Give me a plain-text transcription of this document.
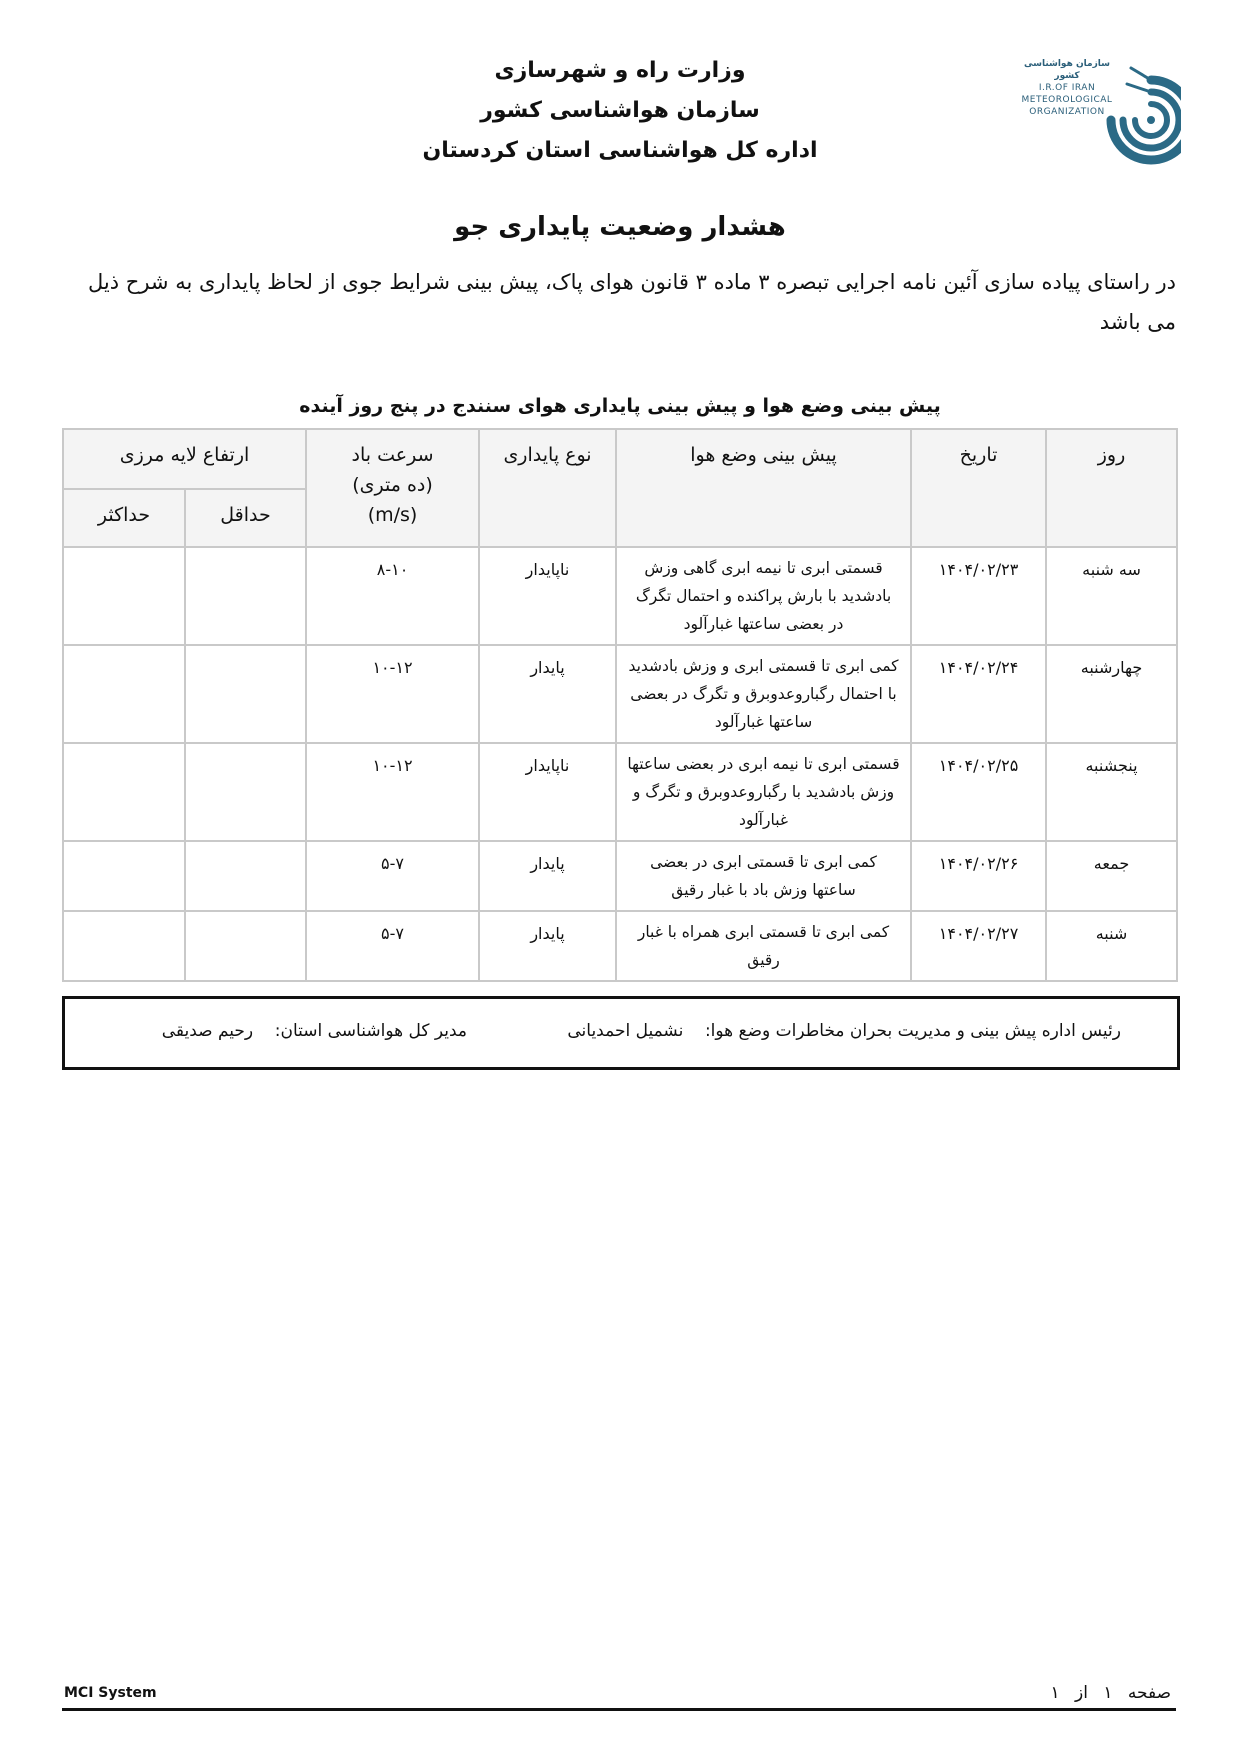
سازمان هواشناسی کشور
I.R.OF IRAN
METEOROLOGICAL
ORGANIZATION
وزارت راه و شهرسازی
سازمان هواشناسی کشور
اداره کل هواشناسی استان کردستان
هشدار وضعیت پایداری جو
در راستای پیاده سازی آئین نامه اجرایی تبصره ۳ ماده ۳ قانون هوای پاک، پیش بینی شرایط جوی از لحاظ پایداری به شرح ذیل می باشد
پیش بینی وضع هوا و پیش بینی پایداری هوای سنندج در پنج روز آینده
روز	تاریخ	پیش بینی وضع هوا	نوع پایداری	سرعت باد
(ده متری)
(m/s)	ارتفاع لایه مرزی	
					حداقل	حداکثر
سه شنبه	۱۴۰۴/۰۲/۲۳	قسمتی ابری تا نیمه ابری گاهی وزش بادشدید با بارش پراکنده و احتمال تگرگ در بعضی ساعتها غبارآلود	ناپایدار	۸-۱۰		
چهارشنبه	۱۴۰۴/۰۲/۲۴	کمی ابری تا قسمتی ابری و وزش بادشدید با احتمال رگباروعدوبرق و تگرگ در بعضی ساعتها غبارآلود	پایدار	۱۰-۱۲		
پنجشنبه	۱۴۰۴/۰۲/۲۵	قسمتی ابری تا نیمه ابری در بعضی ساعتها وزش بادشدید با رگباروعدوبرق و تگرگ و غبارآلود	ناپایدار	۱۰-۱۲		
جمعه	۱۴۰۴/۰۲/۲۶	کمی ابری تا قسمتی ابری در بعضی ساعتها وزش باد با غبار رقیق	پایدار	۵-۷		
شنبه	۱۴۰۴/۰۲/۲۷	کمی ابری تا قسمتی ابری همراه با غبار رقیق	پایدار	۵-۷		
رئیس اداره پیش بینی و مدیریت بحران مخاطرات وضع هوا:    نشمیل احمدیانی
مدیر کل هواشناسی استان:    رحیم صدیقی
MCI System	صفحه ۱ از ۱
